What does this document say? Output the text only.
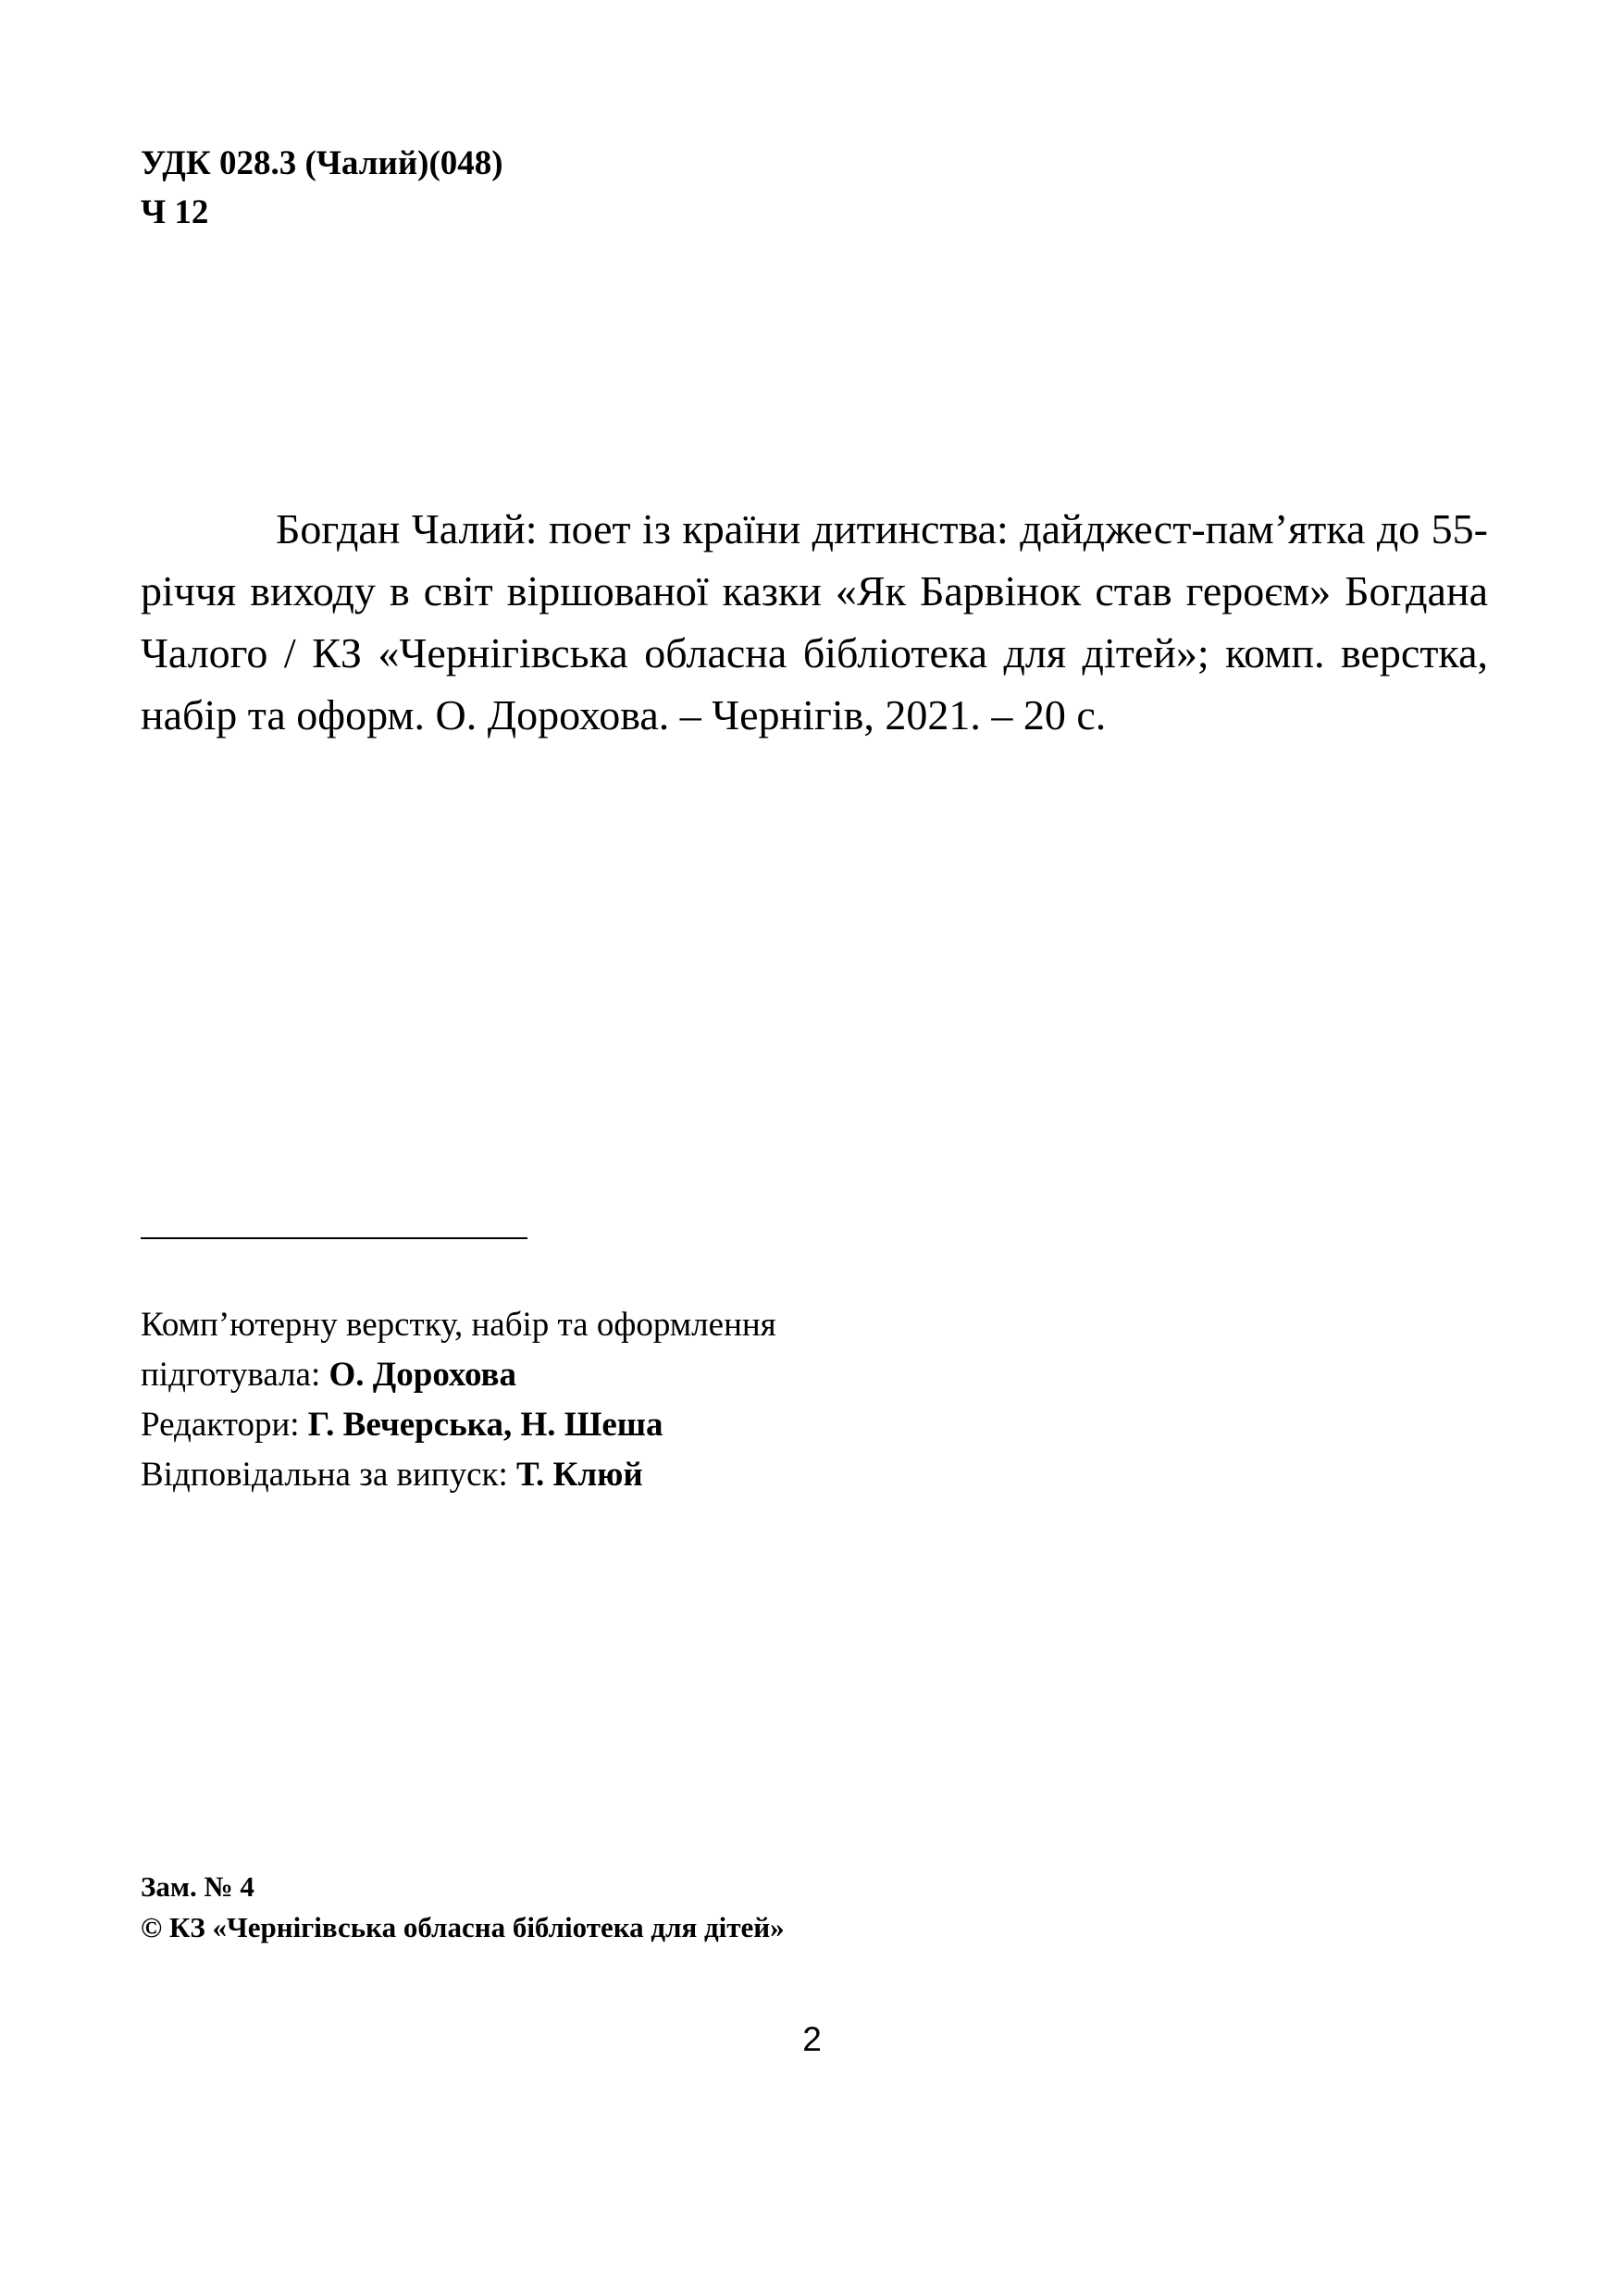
УДК 028.3 (Чалий)(048)
Ч 12
Богдан Чалий: поет із країни дитинства: дайджест-пам’ятка до 55-річчя виходу в світ віршованої казки «Як Барвінок став героєм» Богдана Чалого / КЗ «Чернігівська обласна бібліотека для дітей»; комп. верстка, набір та оформ. О. Дорохова. – Чернігів, 2021. – 20 с.
Комп’ютерну верстку, набір та оформлення
підготувала: О. Дорохова
Редактори: Г. Вечерська, Н. Шеша
Відповідальна за випуск: Т. Клюй
Зам. № 4
© КЗ «Чернігівська обласна бібліотека для дітей»
2
